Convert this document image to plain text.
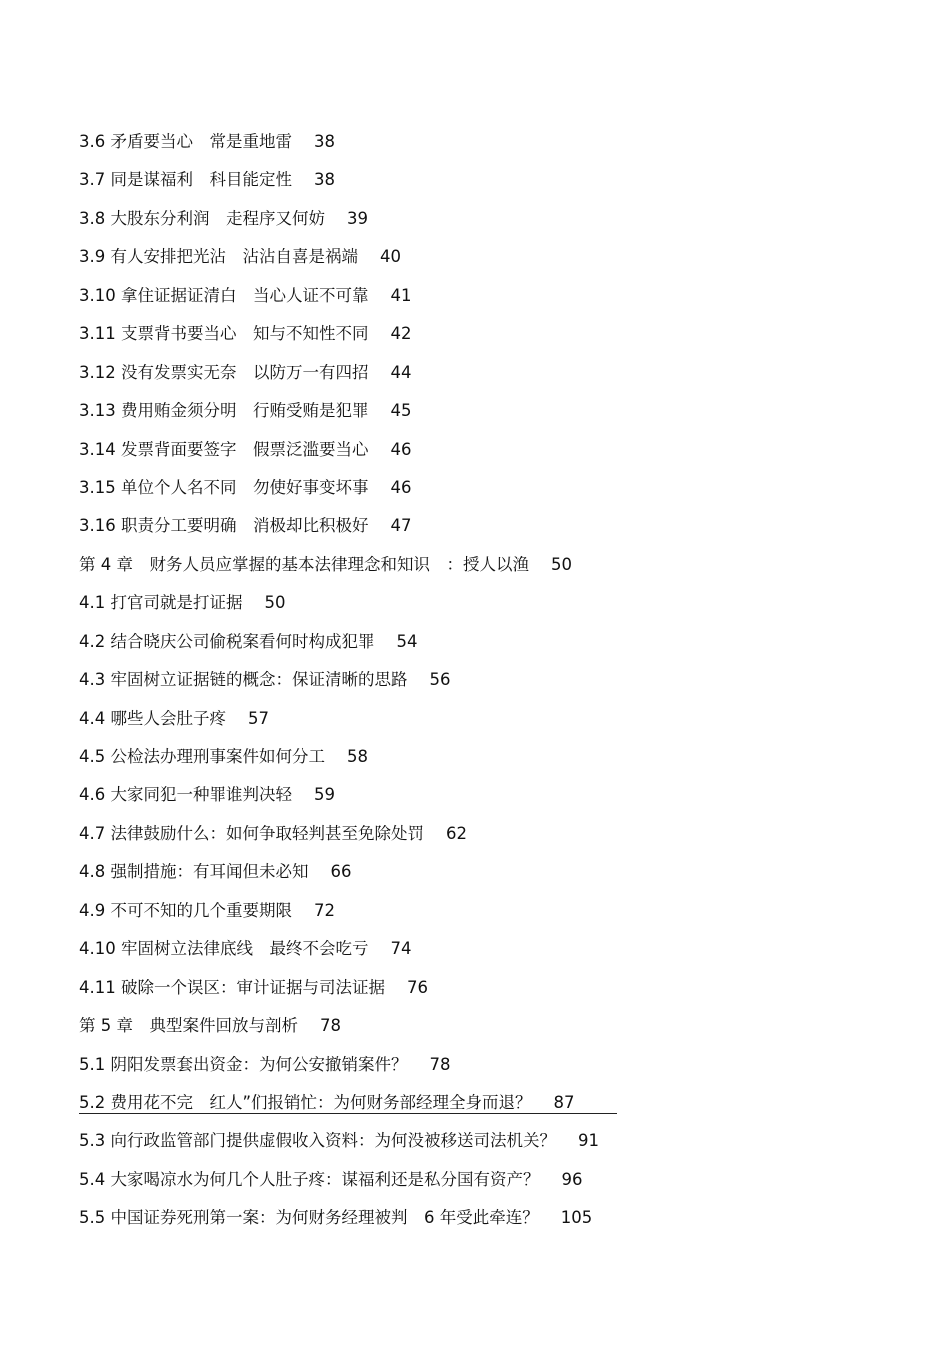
3.6 矛盾要当心　常是重地雷 38
3.7 同是谋福利　科目能定性 38
3.8 大股东分利润　走程序又何妨 39
3.9 有人安排把光沾　沾沾自喜是祸端 40
3.10 拿住证据证清白　当心人证不可靠 41
3.11 支票背书要当心　知与不知性不同 42
3.12 没有发票实无奈　以防万一有四招 44
3.13 费用贿金须分明　行贿受贿是犯罪 45
3.14 发票背面要签字　假票泛滥要当心 46
3.15 单位个人名不同　勿使好事变坏事 46
3.16 职责分工要明确　消极却比积极好 47
第 4 章　财务人员应掌握的基本法律理念和知识　：授人以渔 50
4.1 打官司就是打证据 50
4.2 结合晓庆公司偷税案看何时构成犯罪 54
4.3 牢固树立证据链的概念：保证清晰的思路 56
4.4 哪些人会肚子疼 57
4.5 公检法办理刑事案件如何分工 58
4.6 大家同犯一种罪谁判决轻 59
4.7 法律鼓励什么：如何争取轻判甚至免除处罚 62
4.8 强制措施：有耳闻但未必知 66
4.9 不可不知的几个重要期限 72
4.10 牢固树立法律底线　最终不会吃亏 74
4.11 破除一个误区：审计证据与司法证据 76
第 5 章　典型案件回放与剖析 78
5.1 阴阳发票套出资金：为何公安撤销案件？ 78
5.2 费用花不完　红人”们报销忙：为何财务部经理全身而退？ 87
5.3 向行政监管部门提供虚假收入资料：为何没被移送司法机关？ 91
5.4 大家喝凉水为何几个人肚子疼：谋福利还是私分国有资产？ 96
5.5 中国证券死刑第一案：为何财务经理被判　6 年受此牵连？ 105
